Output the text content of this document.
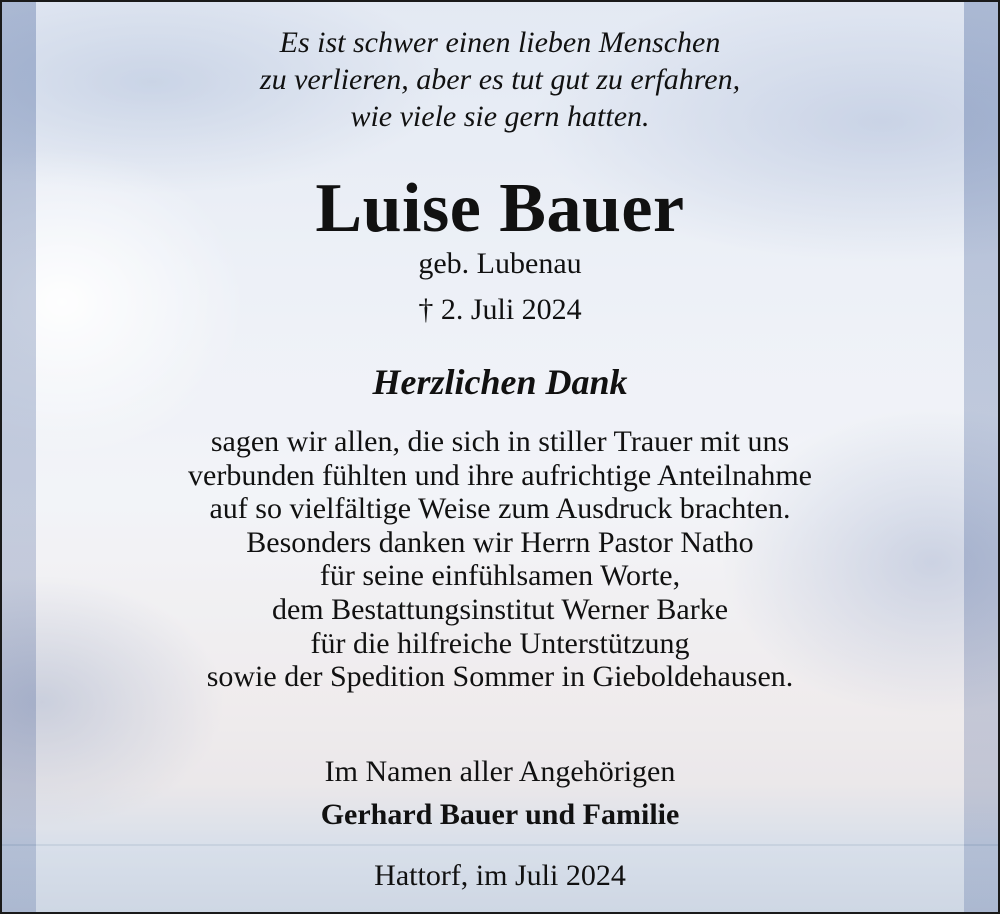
Es ist schwer einen lieben Menschen
zu verlieren, aber es tut gut zu erfahren,
wie viele sie gern hatten.
Luise Bauer
geb. Lubenau
† 2. Juli 2024
Herzlichen Dank
sagen wir allen, die sich in stiller Trauer mit uns
verbunden fühlten und ihre aufrichtige Anteilnahme
auf so vielfältige Weise zum Ausdruck brachten.
Besonders danken wir Herrn Pastor Natho
für seine einfühlsamen Worte,
dem Bestattungsinstitut Werner Barke
für die hilfreiche Unterstützung
sowie der Spedition Sommer in Gieboldehausen.
Im Namen aller Angehörigen
Gerhard Bauer und Familie
Hattorf, im Juli 2024
